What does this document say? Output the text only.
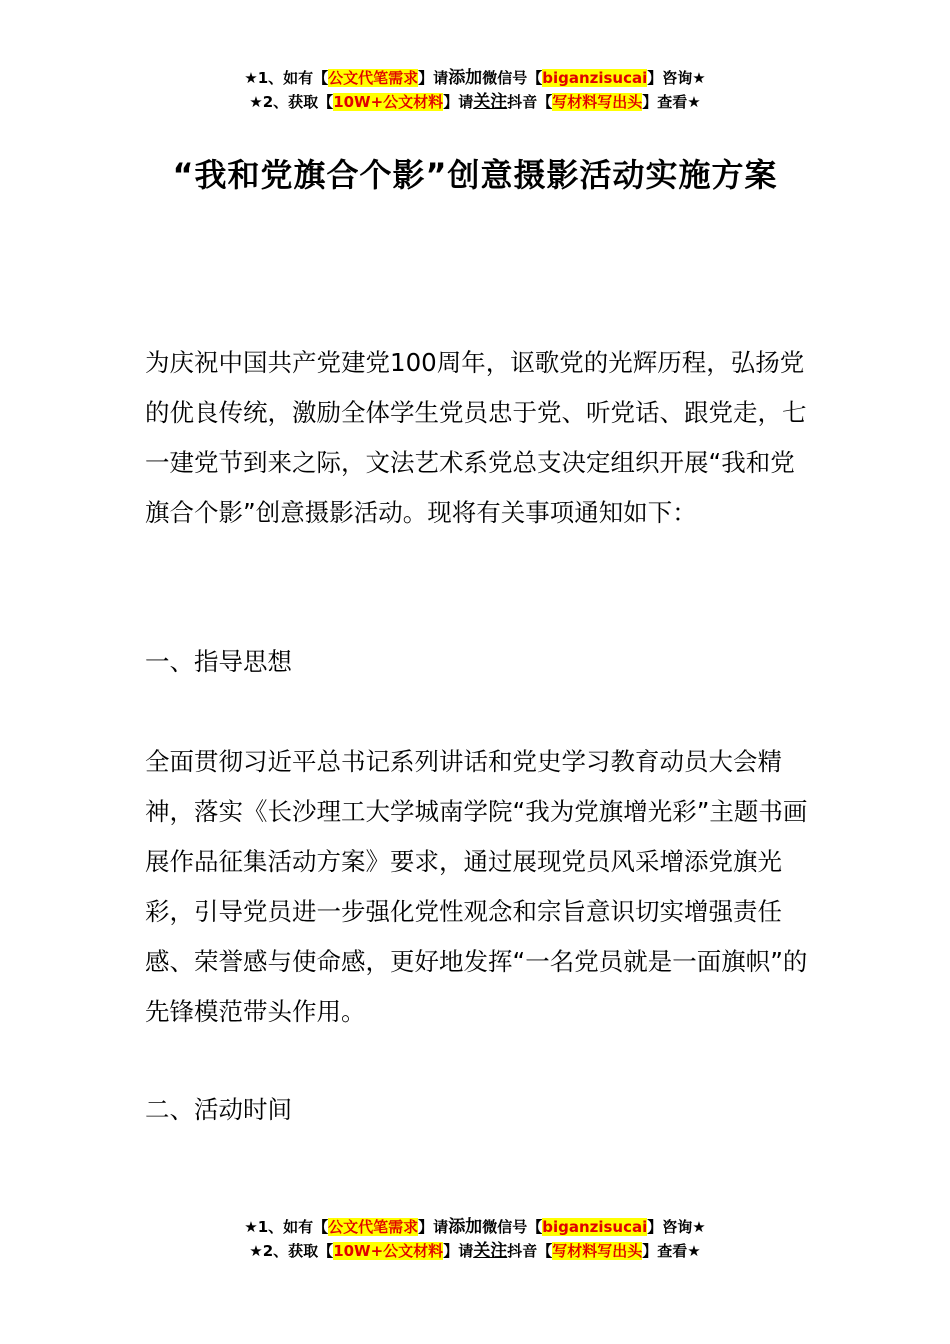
★1、如有【公文代笔需求】请添加微信号【biganzisucai】咨询★
★2、获取【10W+公文材料】请关注抖音【写材料写出头】查看★
“我和党旗合个影”创意摄影活动实施方案

为庆祝中国共产党建党100周年，讴歌党的光辉历程，弘扬党的优良传统，激励全体学生党员忠于党、听党话、跟党走，七一建党节到来之际，文法艺术系党总支决定组织开展“我和党旗合个影”创意摄影活动。现将有关事项通知如下：

一、指导思想

全面贯彻习近平总书记系列讲话和党史学习教育动员大会精神，落实《长沙理工大学城南学院“我为党旗增光彩”主题书画展作品征集活动方案》要求，通过展现党员风采增添党旗光彩，引导党员进一步强化党性观念和宗旨意识切实增强责任感、荣誉感与使命感，更好地发挥“一名党员就是一面旗帜”的先锋模范带头作用。

二、活动时间

★1、如有【公文代笔需求】请添加微信号【biganzisucai】咨询★
★2、获取【10W+公文材料】请关注抖音【写材料写出头】查看★
